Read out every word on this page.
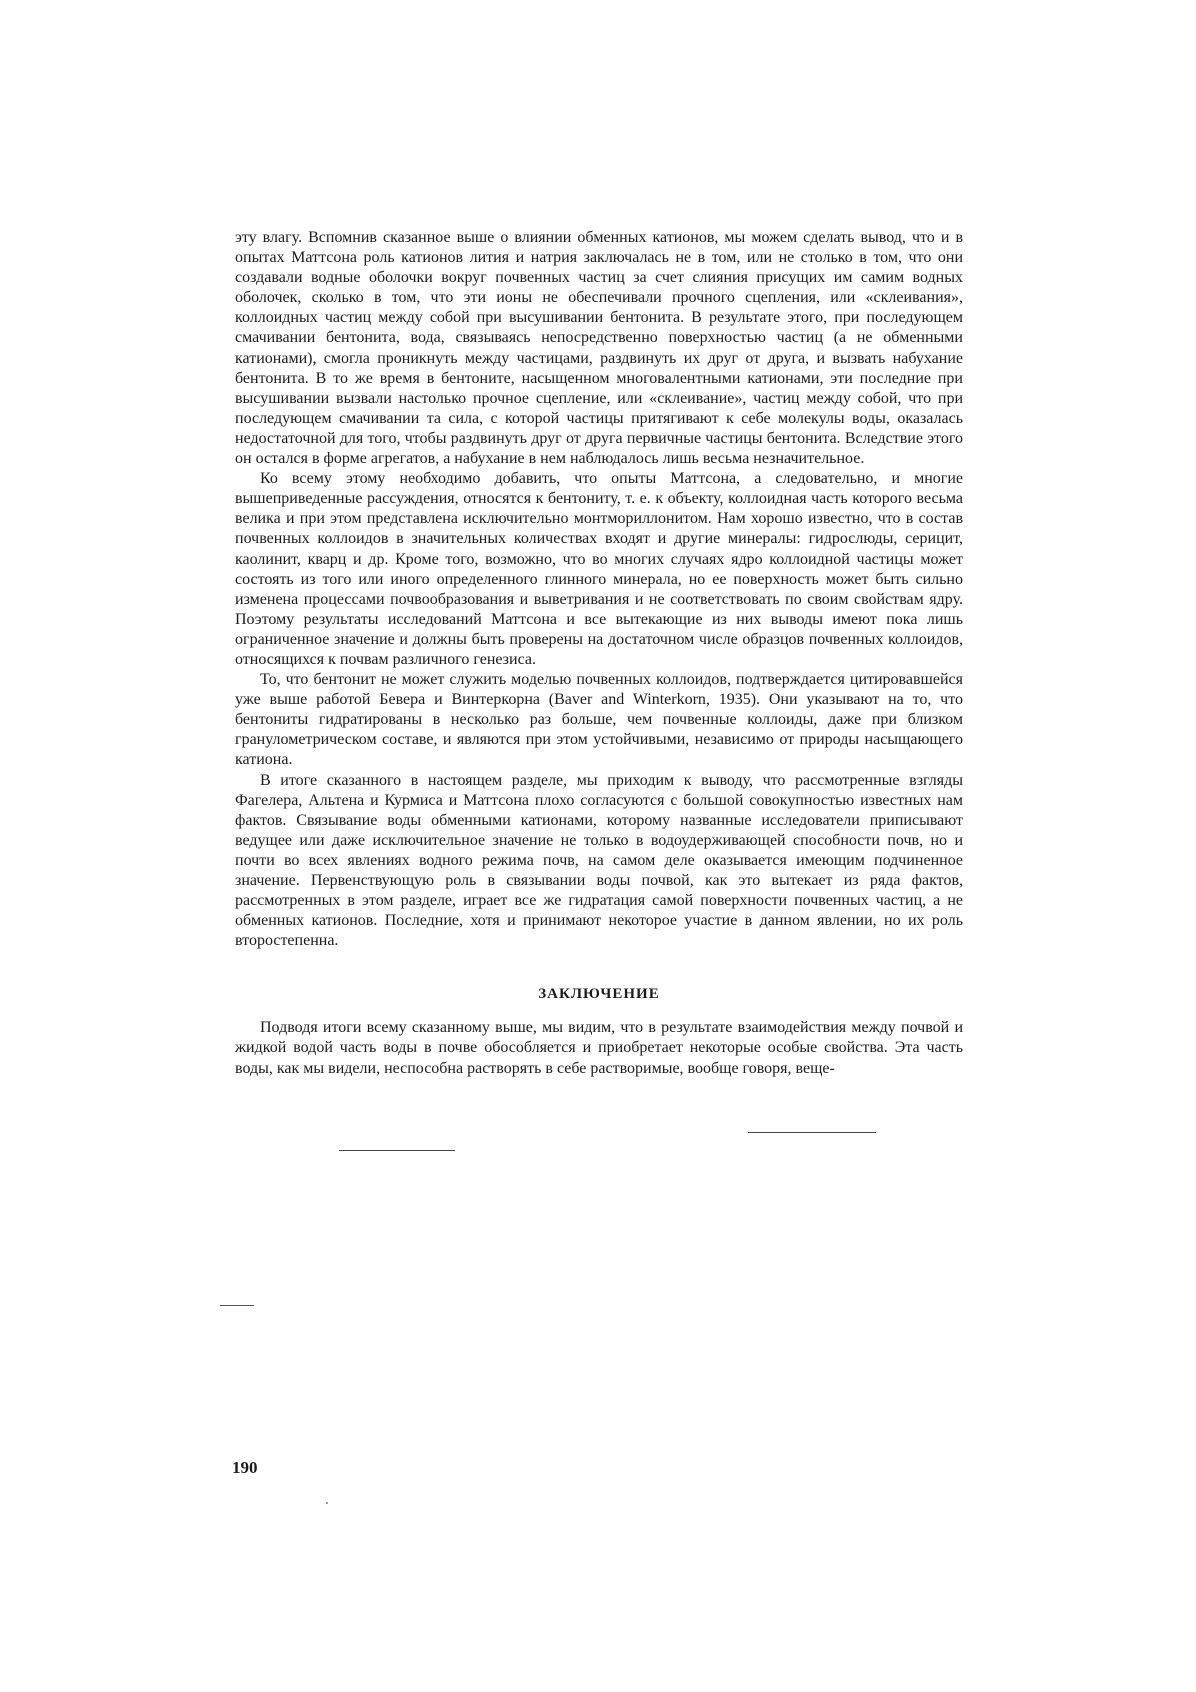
эту влагу. Вспомнив сказанное выше о влиянии обменных катионов, мы можем сделать вывод, что и в опытах Маттсона роль катионов лития и натрия заключалась не в том, или не столько в том, что они создавали водные оболочки вокруг почвенных частиц за счет слияния присущих им самим водных оболочек, сколько в том, что эти ионы не обеспечивали прочного сцепления, или «склеивания», коллоидных частиц между собой при высушивании бентонита. В результате этого, при последующем смачивании бентонита, вода, связываясь непосредственно поверхностью частиц (а не обменными катионами), смогла проникнуть между частицами, раздвинуть их друг от друга, и вызвать набухание бентонита. В то же время в бентоните, насыщенном многовалентными катионами, эти последние при высушивании вызвали настолько прочное сцепление, или «склеивание», частиц между собой, что при последующем смачивании та сила, с которой частицы притягивают к себе молекулы воды, оказалась недостаточной для того, чтобы раздвинуть друг от друга первичные частицы бентонита. Вследствие этого он остался в форме агрегатов, а набухание в нем наблюдалось лишь весьма незначительное.

Ко всему этому необходимо добавить, что опыты Маттсона, а следовательно, и многие вышеприведенные рассуждения, относятся к бентониту, т. е. к объекту, коллоидная часть которого весьма велика и при этом представлена исключительно монтмориллонитом. Нам хорошо известно, что в состав почвенных коллоидов в значительных количествах входят и другие минералы: гидрослюды, серицит, каолинит, кварц и др. Кроме того, возможно, что во многих случаях ядро коллоидной частицы может состоять из того или иного определенного глинного минерала, но ее поверхность может быть сильно изменена процессами почвообразования и выветривания и не соответствовать по своим свойствам ядру. Поэтому результаты исследований Маттсона и все вытекающие из них выводы имеют пока лишь ограниченное значение и должны быть проверены на достаточном числе образцов почвенных коллоидов, относящихся к почвам различного генезиса.

То, что бентонит не может служить моделью почвенных коллоидов, подтверждается цитировавшейся уже выше работой Бевера и Винтеркорна (Baver and Winterkorn, 1935). Они указывают на то, что бентониты гидратированы в несколько раз больше, чем почвенные коллоиды, даже при близком гранулометрическом составе, и являются при этом устойчивыми, независимо от природы насыщающего катиона.

В итоге сказанного в настоящем разделе, мы приходим к выводу, что рассмотренные взгляды Фагелера, Альтена и Курмиса и Маттсона плохо согласуются с большой совокупностью известных нам фактов. Связывание воды обменными катионами, которому названные исследователи приписывают ведущее или даже исключительное значение не только в водоудерживающей способности почв, но и почти во всех явлениях водного режима почв, на самом деле оказывается имеющим подчиненное значение. Первенствующую роль в связывании воды почвой, как это вытекает из ряда фактов, рассмотренных в этом разделе, играет все же гидратация самой поверхности почвенных частиц, а не обменных катионов. Последние, хотя и принимают некоторое участие в данном явлении, но их роль второстепенна.

ЗАКЛЮЧЕНИЕ

Подводя итоги всему сказанному выше, мы видим, что в результате взаимодействия между почвой и жидкой водой часть воды в почве обособляется и приобретает некоторые особые свойства. Эта часть воды, как мы видели, неспособна растворять в себе растворимые, вообще говоря, веще-

190
